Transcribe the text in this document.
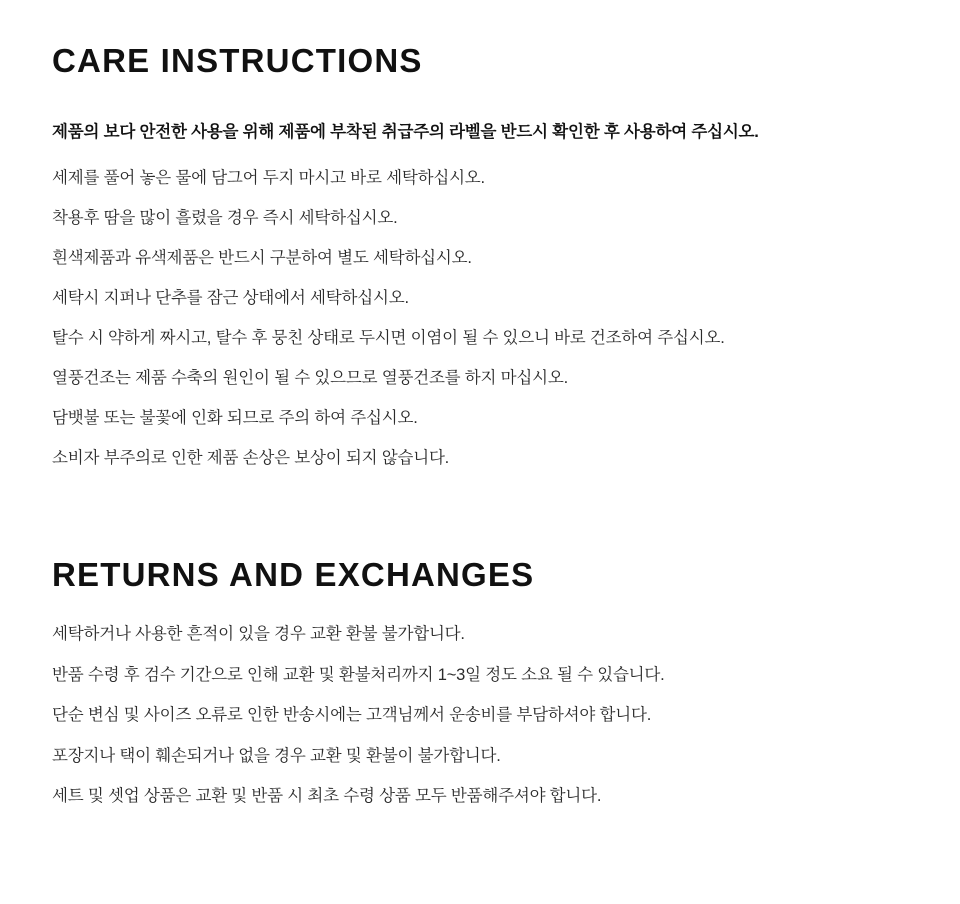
CARE INSTRUCTIONS

제품의 보다 안전한 사용을 위해 제품에 부착된 취급주의 라벨을 반드시 확인한 후 사용하여 주십시오.

세제를 풀어 놓은 물에 담그어 두지 마시고 바로 세탁하십시오.
착용후 땀을 많이 흘렸을 경우 즉시 세탁하십시오.
흰색제품과 유색제품은 반드시 구분하여 별도 세탁하십시오.
세탁시 지퍼나 단추를 잠근 상태에서 세탁하십시오.
탈수 시 약하게 짜시고, 탈수 후 뭉친 상태로 두시면 이염이 될 수 있으니 바로 건조하여 주십시오.
열풍건조는 제품 수축의 원인이 될 수 있으므로 열풍건조를 하지 마십시오.
담뱃불 또는 불꽃에 인화 되므로 주의 하여 주십시오.
소비자 부주의로 인한 제품 손상은 보상이 되지 않습니다.
RETURNS AND EXCHANGES
세탁하거나 사용한 흔적이 있을 경우 교환 환불 불가합니다.
반품 수령 후 검수 기간으로 인해 교환 및 환불처리까지 1~3일 정도 소요 될 수 있습니다.
단순 변심 및 사이즈 오류로 인한 반송시에는 고객님께서 운송비를 부담하셔야 합니다.
포장지나 택이 훼손되거나 없을 경우 교환 및 환불이 불가합니다.
세트 및 셋업 상품은 교환 및 반품 시 최초 수령 상품 모두 반품해주셔야 합니다.
